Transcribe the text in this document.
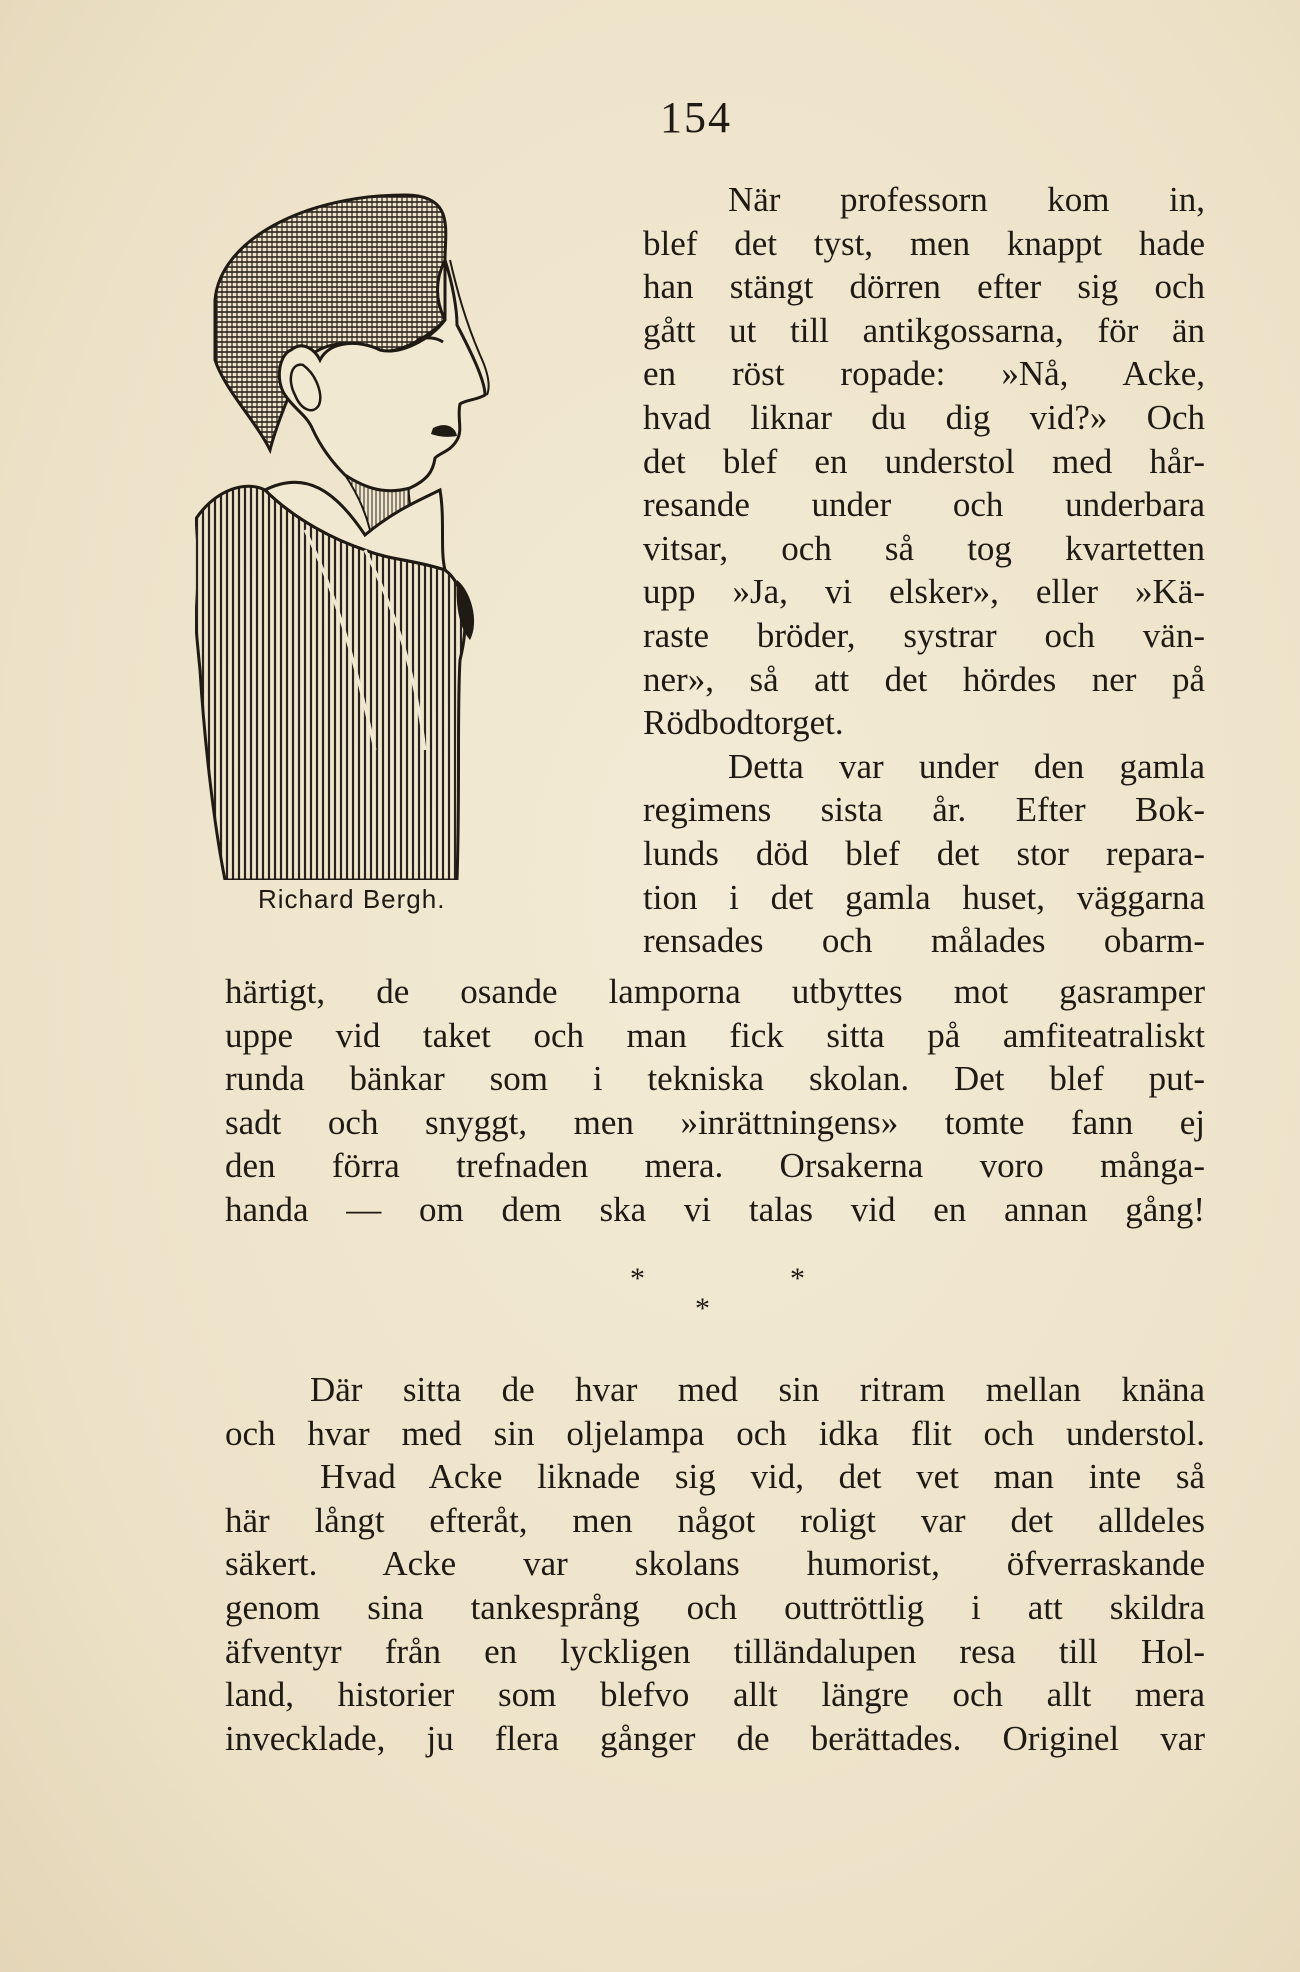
154
Richard Bergh.

När professorn kom in,
blef det tyst, men knappt hade
han stängt dörren efter sig och
gått ut till antikgossarna, för än
en röst ropade: »Nå, Acke,
hvad liknar du dig vid?» Och
det blef en understol med hår-
resande under och underbara
vitsar, och så tog kvartetten
upp »Ja, vi elsker», eller »Kä-
raste bröder, systrar och vän-
ner», så att det hördes ner på
Rödbodtorget.

Detta var under den gamla
regimens sista år. Efter Bok-
lunds död blef det stor repara-
tion i det gamla huset, väggarna
rensades och målades obarm-

härtigt, de osande lamporna utbyttes mot gasramper
uppe vid taket och man fick sitta på amfiteatraliskt
runda bänkar som i tekniska skolan. Det blef put-
sadt och snyggt, men »inrättningens» tomte fann ej
den förra trefnaden mera. Orsakerna voro många-
handa — om dem ska vi talas vid en annan gång!
*
*
*

Där sitta de hvar med sin ritram mellan knäna
och hvar med sin oljelampa och idka flit och understol.

Hvad Acke liknade sig vid, det vet man inte så
här långt efteråt, men något roligt var det alldeles
säkert. Acke var skolans humorist, öfverraskande
genom sina tankesprång och outtröttlig i att skildra
äfventyr från en lyckligen tilländalupen resa till Hol-
land, historier som blefvo allt längre och allt mera
invecklade, ju flera gånger de berättades. Originel var
